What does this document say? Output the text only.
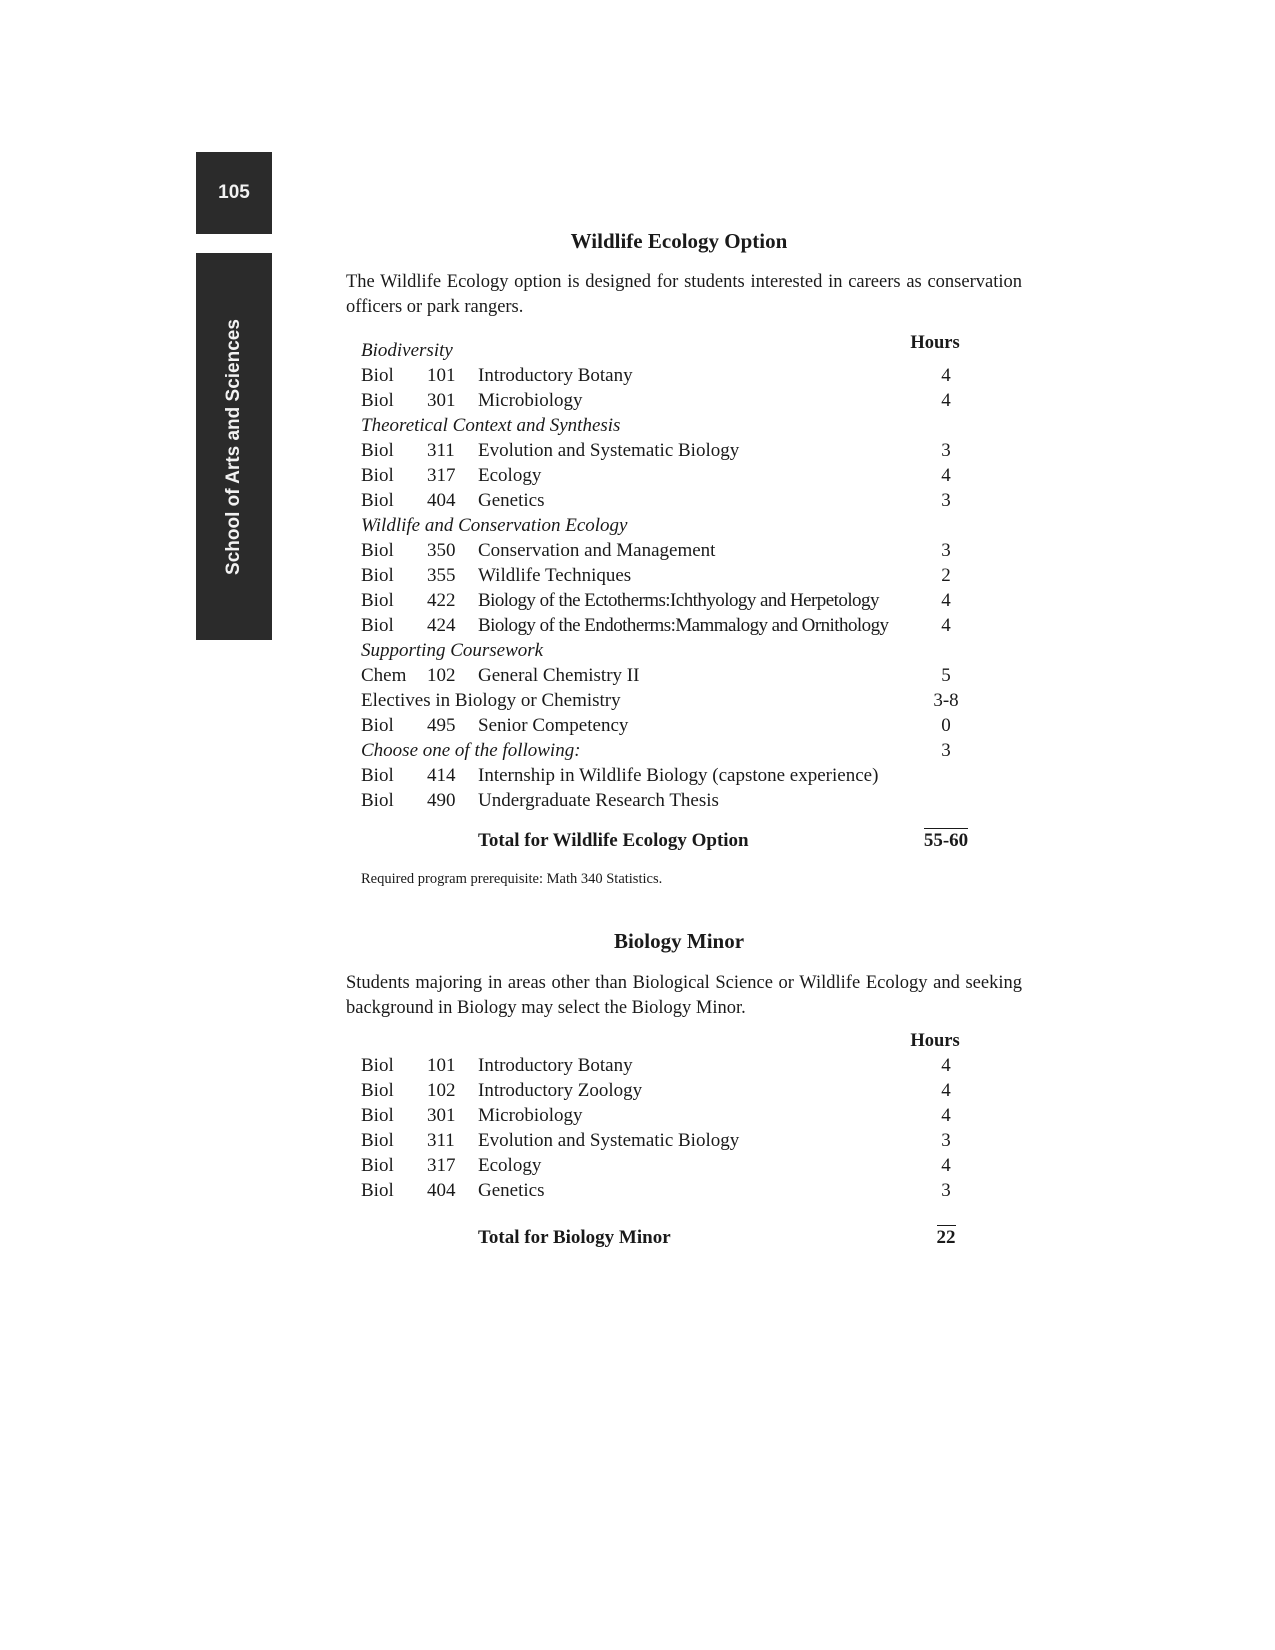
105
School of Arts and Sciences
Wildlife Ecology Option
The Wildlife Ecology option is designed for students interested in careers as conservation officers or park rangers.
Hours
Biodiversity
Biol 101 Introductory Botany	4
Biol 301 Microbiology	4
Theoretical Context and Synthesis
Biol 311 Evolution and Systematic Biology	3
Biol 317 Ecology	4
Biol 404 Genetics	3
Wildlife and Conservation Ecology
Biol 350 Conservation and Management	3
Biol 355 Wildlife Techniques	2
Biol 422 Biology of the Ectotherms:Ichthyology and Herpetology	4
Biol 424 Biology of the Endotherms:Mammalogy and Ornithology	4
Supporting Coursework
Chem 102 General Chemistry II	5
Electives in Biology or Chemistry	3-8
Biol 495 Senior Competency	0
Choose one of the following:	3
Biol 414 Internship in Wildlife Biology (capstone experience)
Biol 490 Undergraduate Research Thesis
Total for Wildlife Ecology Option	55-60
Required program prerequisite: Math 340 Statistics.
Biology Minor
Students majoring in areas other than Biological Science or Wildlife Ecology and seeking background in Biology may select the Biology Minor.
Hours
Biol 101 Introductory Botany	4
Biol 102 Introductory Zoology	4
Biol 301 Microbiology	4
Biol 311 Evolution and Systematic Biology	3
Biol 317 Ecology	4
Biol 404 Genetics	3
Total for Biology Minor	22
